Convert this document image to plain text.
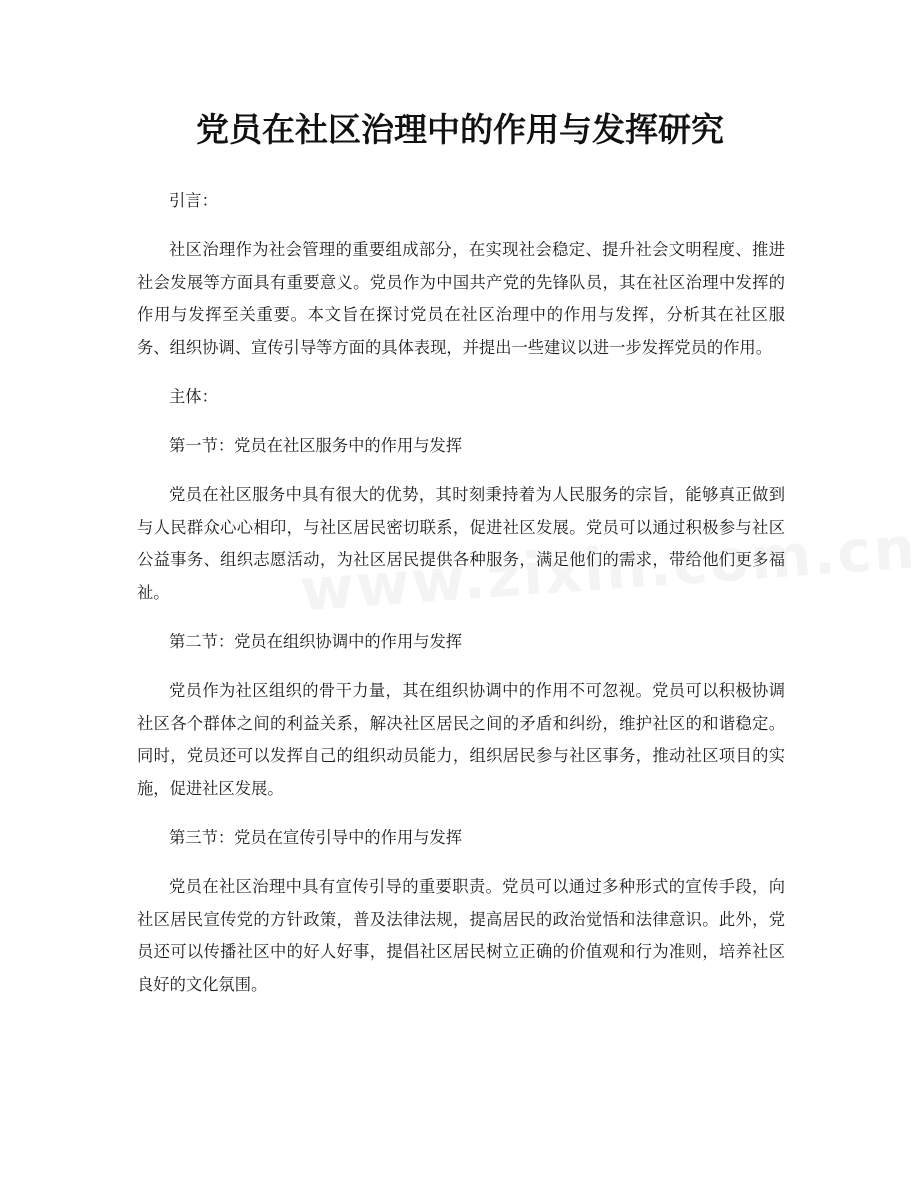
党员在社区治理中的作用与发挥研究

引言：

社区治理作为社会管理的重要组成部分，在实现社会稳定、提升社会文明程度、推进社会发展等方面具有重要意义。党员作为中国共产党的先锋队员，其在社区治理中发挥的作用与发挥至关重要。本文旨在探讨党员在社区治理中的作用与发挥，分析其在社区服务、组织协调、宣传引导等方面的具体表现，并提出一些建议以进一步发挥党员的作用。

主体：

第一节：党员在社区服务中的作用与发挥

党员在社区服务中具有很大的优势，其时刻秉持着为人民服务的宗旨，能够真正做到与人民群众心心相印，与社区居民密切联系，促进社区发展。党员可以通过积极参与社区公益事务、组织志愿活动，为社区居民提供各种服务，满足他们的需求，带给他们更多福祉。

第二节：党员在组织协调中的作用与发挥

党员作为社区组织的骨干力量，其在组织协调中的作用不可忽视。党员可以积极协调社区各个群体之间的利益关系，解决社区居民之间的矛盾和纠纷，维护社区的和谐稳定。同时，党员还可以发挥自己的组织动员能力，组织居民参与社区事务，推动社区项目的实施，促进社区发展。

第三节：党员在宣传引导中的作用与发挥

党员在社区治理中具有宣传引导的重要职责。党员可以通过多种形式的宣传手段，向社区居民宣传党的方针政策，普及法律法规，提高居民的政治觉悟和法律意识。此外，党员还可以传播社区中的好人好事，提倡社区居民树立正确的价值观和行为准则，培养社区良好的文化氛围。
